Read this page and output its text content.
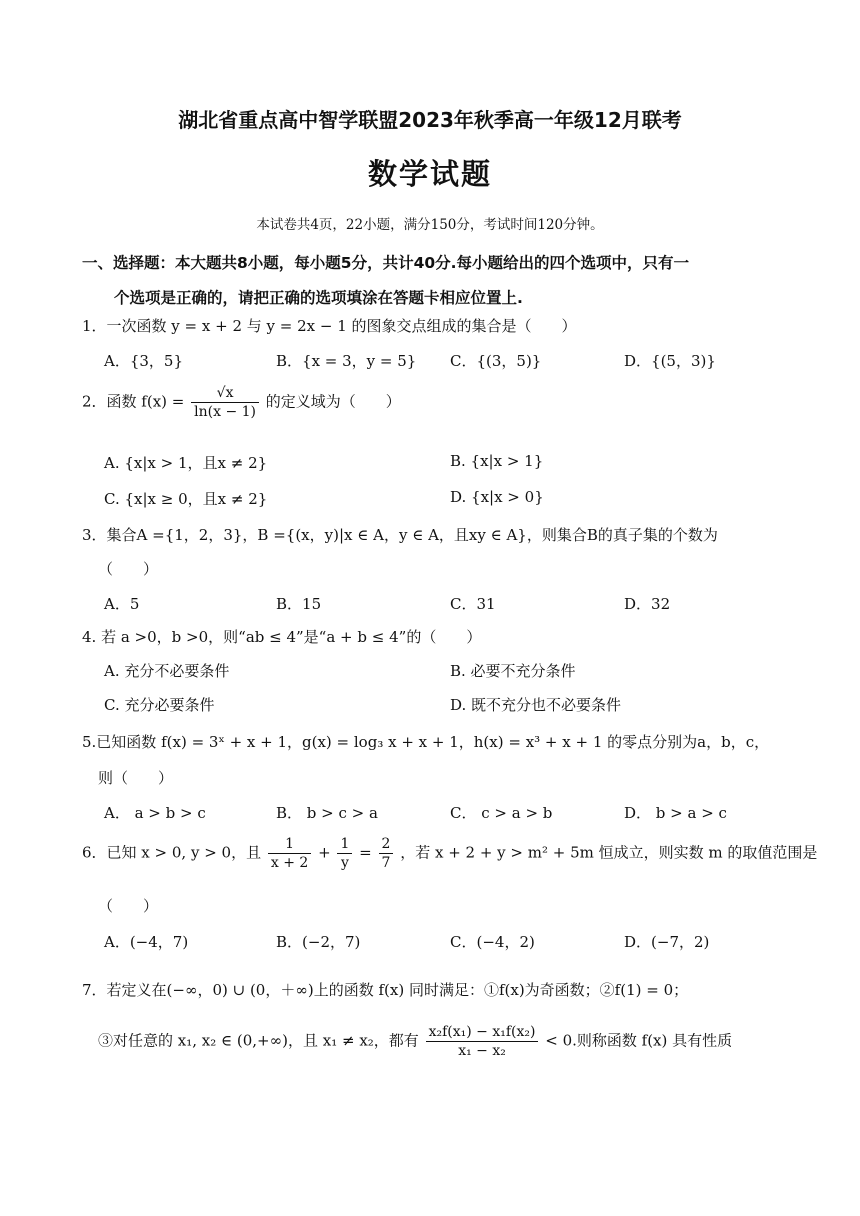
湖北省重点高中智学联盟2023年秋季高一年级12月联考
数学试题
本试卷共4页，22小题，满分150分，考试时间120分钟。
一、选择题：本大题共8小题，每小题5分，共计40分.每小题给出的四个选项中，只有一
个选项是正确的，请把正确的选项填涂在答题卡相应位置上.
1．一次函数 y = x + 2 与 y = 2x − 1 的图象交点组成的集合是（　　）
A．{3，5}	B．{x = 3，y = 5} C．{(3，5)}	D．{(5，3)}
2．函数 $f(x) = \frac{√x}{\ln(x - 1)}$ 的定义域为（　　）
A. {x|x > 1，且x ≠ 2}	B. {x|x > 1}
C. {x|x ≥ 0，且x ≠ 2}	D. {x|x > 0}
3．集合A ={1，2，3}，B ={(x，y)|x ∈ A，y ∈ A，且xy ∈ A}，则集合B的真子集的个数为
（　　）
A．5	B．15	C．31	D．32
4. 若 a >0，b >0，则“ab ≤ 4”是“a + b ≤ 4”的（　　）
A. 充分不必要条件	B. 必要不充分条件
C. 充分必要条件	D. 既不充分也不必要条件
5.已知函数 f(x) = 3ˣ + x + 1，g(x) = log₃ x + x + 1，h(x) = x³ + x + 1 的零点分别为a，b，c，
则（　　）
A． a > b > c	B． b > c > a	C． c > a > b	D． b > a > c
6．已知 x > 0, y > 0，且 $\frac{1}{x + 2} + \frac{1}{y} = \frac{2}{7}$ ，若 x + 2 + y > m² + 5m 恒成立，则实数 m 的取值范围是
（　　）
A．(−4，7)	B．(−2，7)	C．(−4，2)	D．(−7，2)
7．若定义在(−∞，0) ∪ (0，＋∞)上的函数 f(x) 同时满足：①f(x)为奇函数；②f(1) = 0；
③对任意的 x₁, x₂ ∈ (0,+∞)，且 x₁ ≠ x₂，都有 $\frac{\text{x₂f(x₁) − x₁f(x₂)}}{\text{x₁ − x₂}} < 0$.则称函数 f(x) 具有性质
